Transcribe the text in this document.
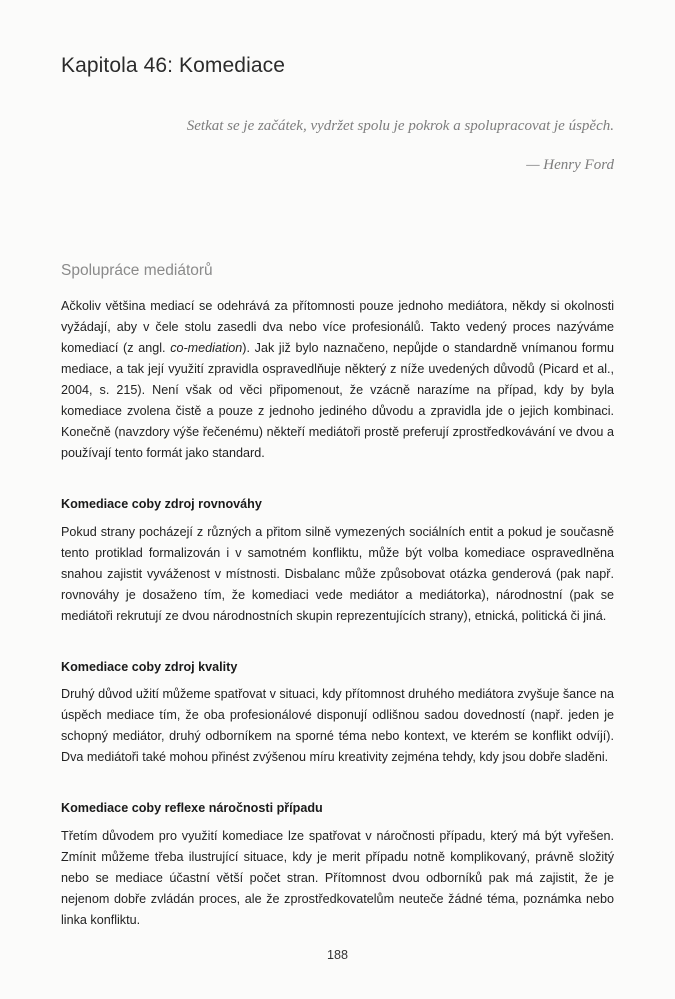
Kapitola 46: Komediace

Setkat se je začátek, vydržet spolu je pokrok a spolupracovat je úspěch.

— Henry Ford

Spolupráce mediátorů

Ačkoliv většina mediací se odehrává za přítomnosti pouze jednoho mediátora, někdy si okolnosti vyžádají, aby v čele stolu zasedli dva nebo více profesionálů. Takto vedený proces nazýváme komediací (z angl. co-mediation). Jak již bylo naznačeno, nepůjde o standardně vnímanou formu mediace, a tak její využití zpravidla ospravedlňuje některý z níže uvedených důvodů (Picard et al., 2004, s. 215). Není však od věci připomenout, že vzácně narazíme na případ, kdy by byla komediace zvolena čistě a pouze z jednoho jediného důvodu a zpravidla jde o jejich kombinaci. Konečně (navzdory výše řečenému) někteří mediátoři prostě preferují zprostředkovávání ve dvou a používají tento formát jako standard.

Komediace coby zdroj rovnováhy

Pokud strany pocházejí z různých a přitom silně vymezených sociálních entit a pokud je současně tento protiklad formalizován i v samotném konfliktu, může být volba komediace ospravedlněna snahou zajistit vyváženost v místnosti. Disbalanc může způsobovat otázka genderová (pak např. rovnováhy je dosaženo tím, že komediaci vede mediátor a mediátorka), národnostní (pak se mediátoři rekrutují ze dvou národnostních skupin reprezentujících strany), etnická, politická či jiná.

Komediace coby zdroj kvality

Druhý důvod užití můžeme spatřovat v situaci, kdy přítomnost druhého mediátora zvyšuje šance na úspěch mediace tím, že oba profesionálové disponují odlišnou sadou dovedností (např. jeden je schopný mediátor, druhý odborníkem na sporné téma nebo kontext, ve kterém se konflikt odvíjí). Dva mediátoři také mohou přinést zvýšenou míru kreativity zejména tehdy, kdy jsou dobře sladěni.

Komediace coby reflexe náročnosti případu

Třetím důvodem pro využití komediace lze spatřovat v náročnosti případu, který má být vyřešen. Zmínit můžeme třeba ilustrující situace, kdy je merit případu notně komplikovaný, právně složitý nebo se mediace účastní větší počet stran. Přítomnost dvou odborníků pak má zajistit, že je nejenom dobře zvládán proces, ale že zprostředkovatelům neuteče žádné téma, poznámka nebo linka konfliktu.

188
